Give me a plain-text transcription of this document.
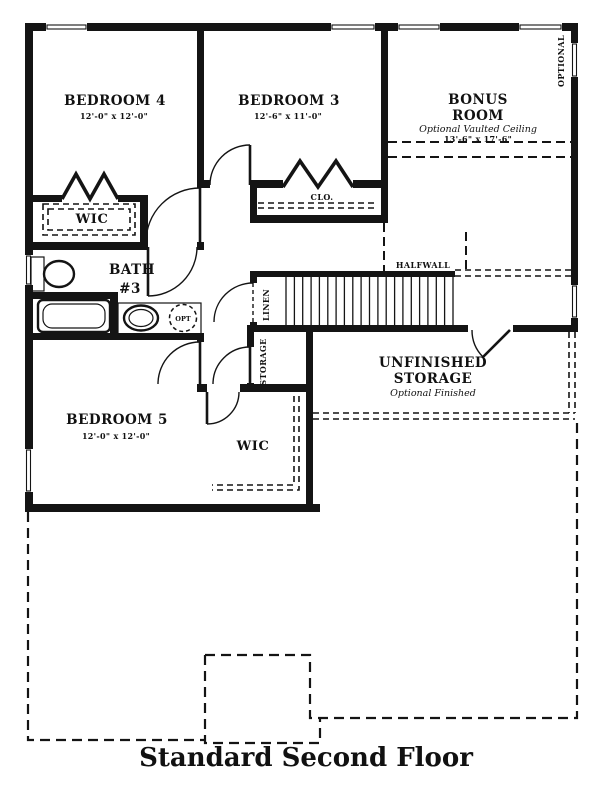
BEDROOM 4
12'-0" x 12'-0"
BEDROOM 3
12'-6" x 11'-0"
BONUS
ROOM
Optional Vaulted Ceiling
13'-6" x 17'-6"
WIC
CLO.
BATH
#3
OPT	LINEN
STORAGE
HALFWALL
OPTIONAL
BEDROOM 5
12'-0" x 12'-0"
WIC
UNFINISHED
STORAGE
Optional Finished
Standard Second Floor
